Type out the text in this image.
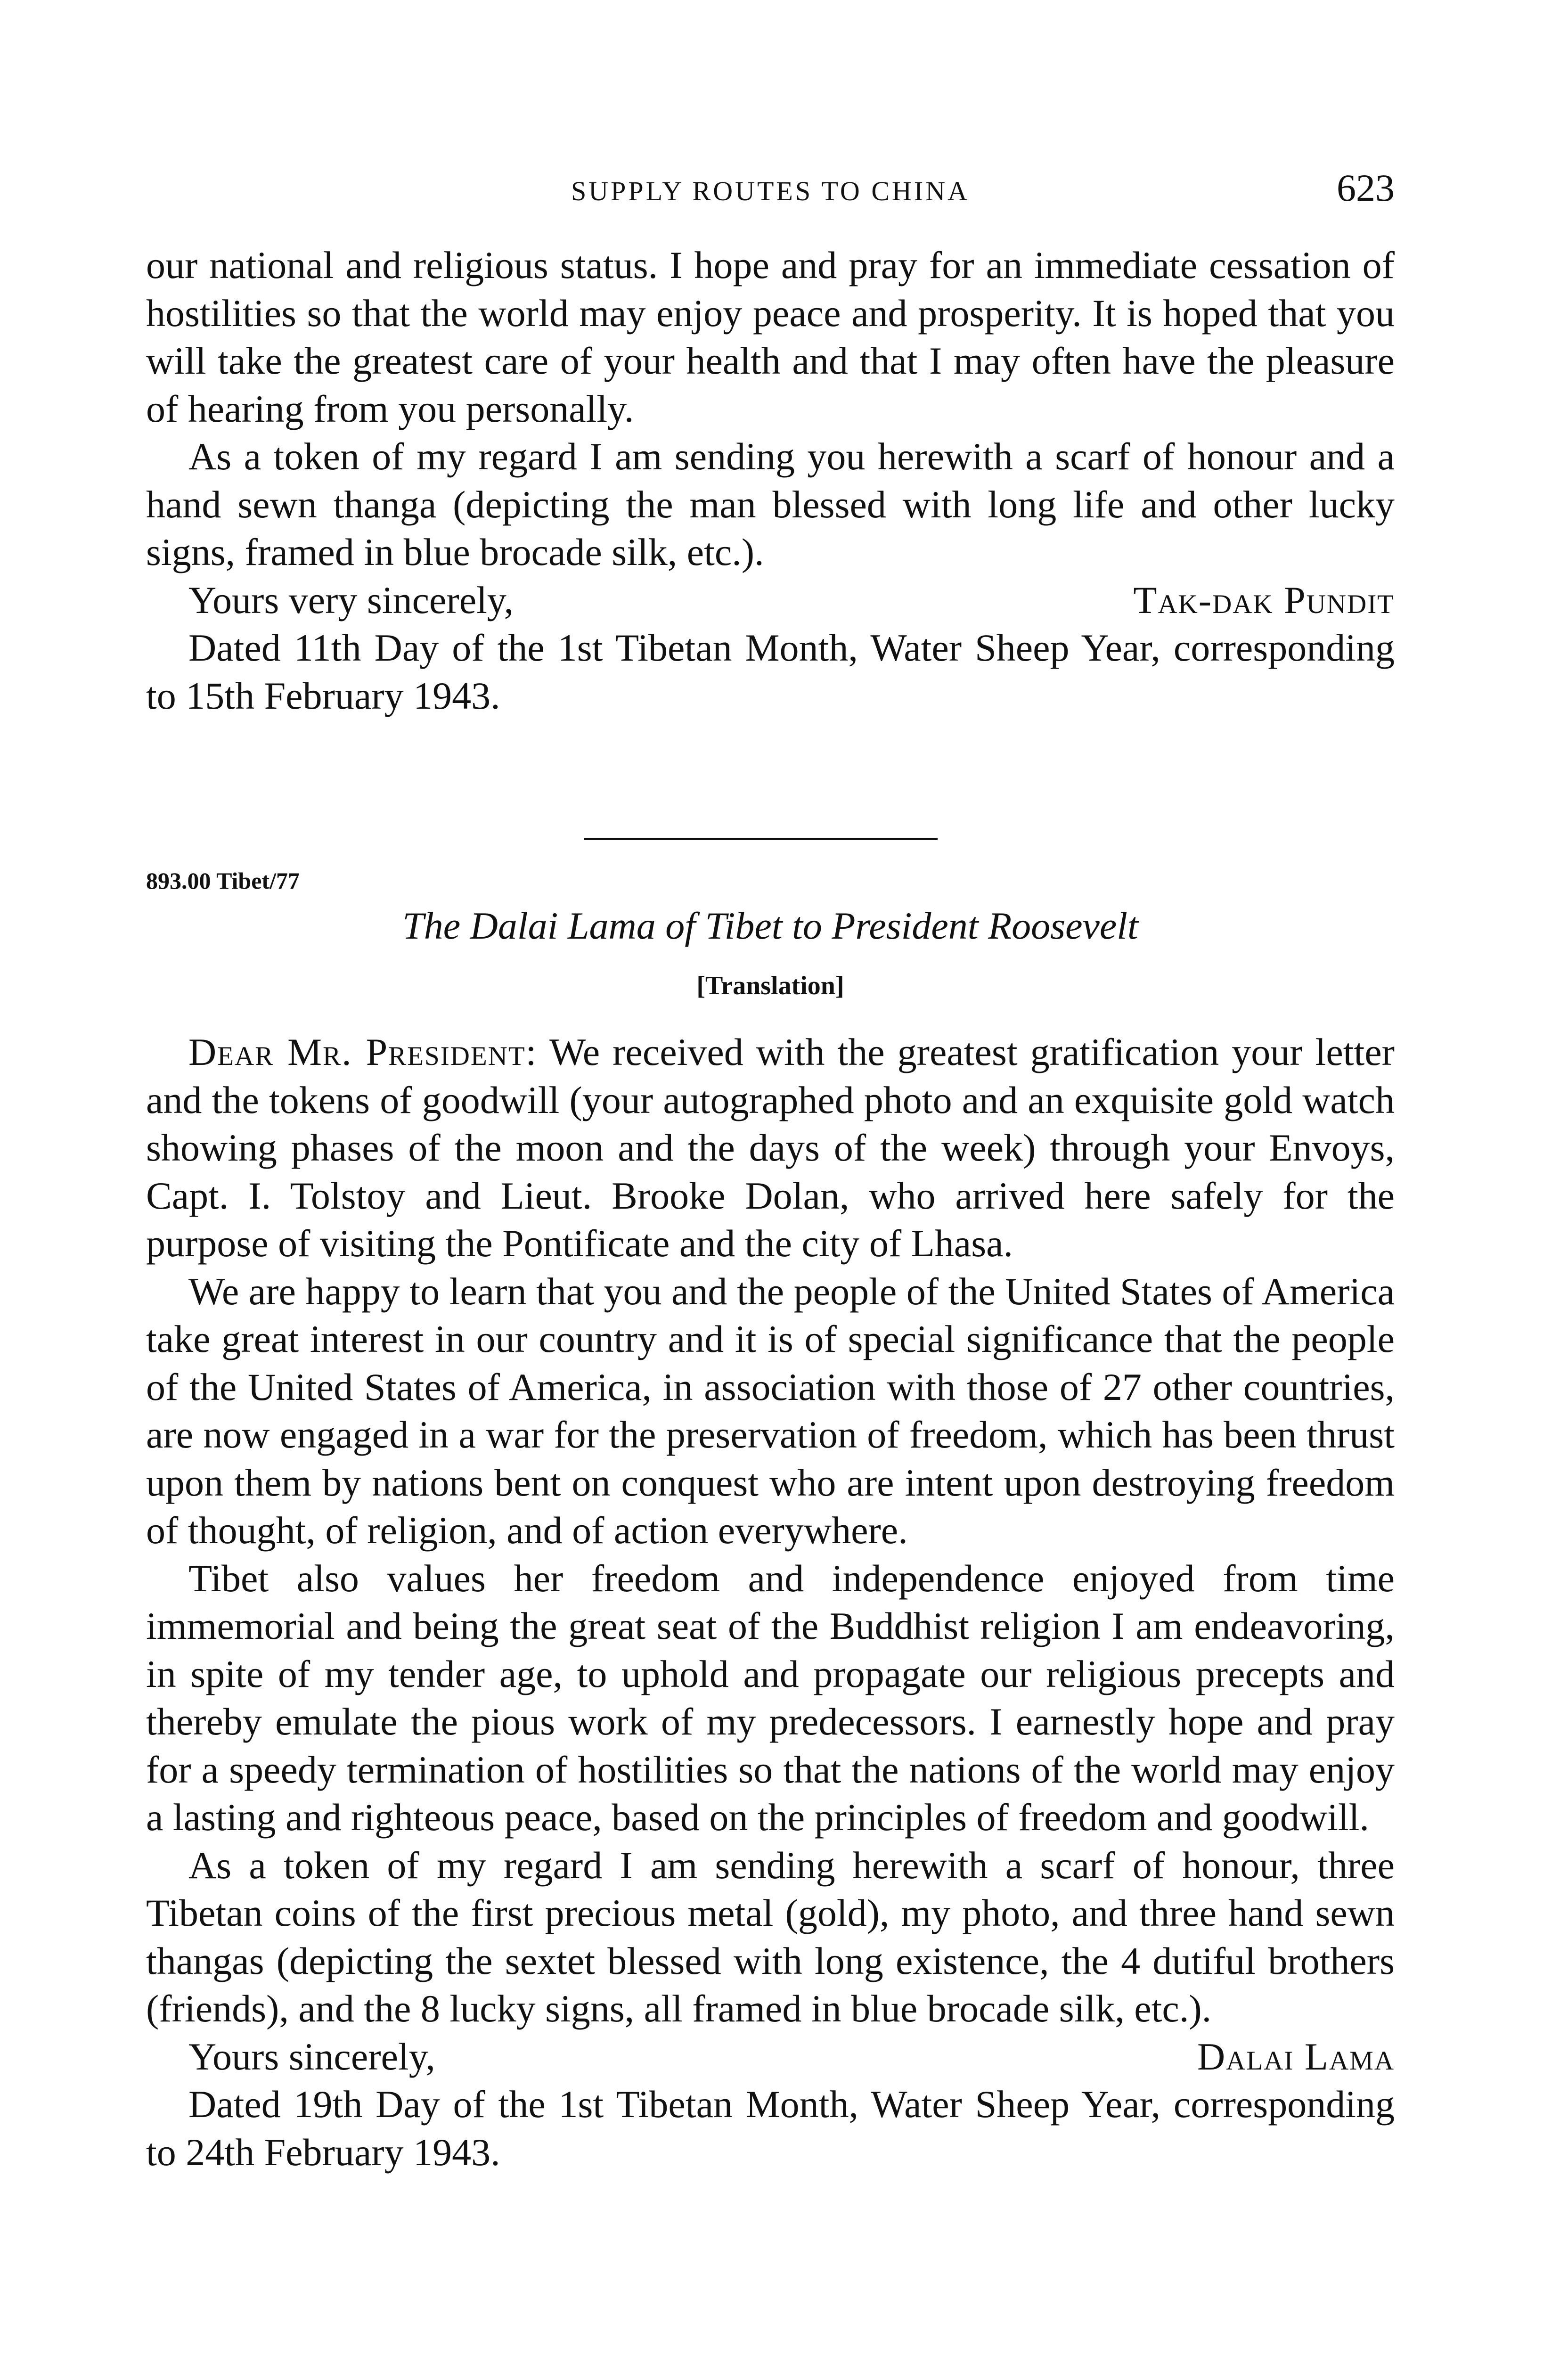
SUPPLY ROUTES TO CHINA	623

our national and religious status. I hope and pray for an immediate cessation of hostilities so that the world may enjoy peace and prosperity. It is hoped that you will take the greatest care of your health and that I may often have the pleasure of hearing from you personally.

As a token of my regard I am sending you herewith a scarf of honour and a hand sewn thanga (depicting the man blessed with long life and other lucky signs, framed in blue brocade silk, etc.).

Yours very sincerely,	Tak-dak Pundit

Dated 11th Day of the 1st Tibetan Month, Water Sheep Year, corresponding to 15th February 1943.

893.00 Tibet/77
The Dalai Lama of Tibet to President Roosevelt
[Translation]

Dear Mr. President: We received with the greatest gratification your letter and the tokens of goodwill (your autographed photo and an exquisite gold watch showing phases of the moon and the days of the week) through your Envoys, Capt. I. Tolstoy and Lieut. Brooke Dolan, who arrived here safely for the purpose of visiting the Pontificate and the city of Lhasa.

We are happy to learn that you and the people of the United States of America take great interest in our country and it is of special significance that the people of the United States of America, in association with those of 27 other countries, are now engaged in a war for the preservation of freedom, which has been thrust upon them by nations bent on conquest who are intent upon destroying freedom of thought, of religion, and of action everywhere.

Tibet also values her freedom and independence enjoyed from time immemorial and being the great seat of the Buddhist religion I am endeavoring, in spite of my tender age, to uphold and propagate our religious precepts and thereby emulate the pious work of my predecessors. I earnestly hope and pray for a speedy termination of hostilities so that the nations of the world may enjoy a lasting and righteous peace, based on the principles of freedom and goodwill.

As a token of my regard I am sending herewith a scarf of honour, three Tibetan coins of the first precious metal (gold), my photo, and three hand sewn thangas (depicting the sextet blessed with long existence, the 4 dutiful brothers (friends), and the 8 lucky signs, all framed in blue brocade silk, etc.).

Yours sincerely,	Dalai Lama

Dated 19th Day of the 1st Tibetan Month, Water Sheep Year, corresponding to 24th February 1943.
